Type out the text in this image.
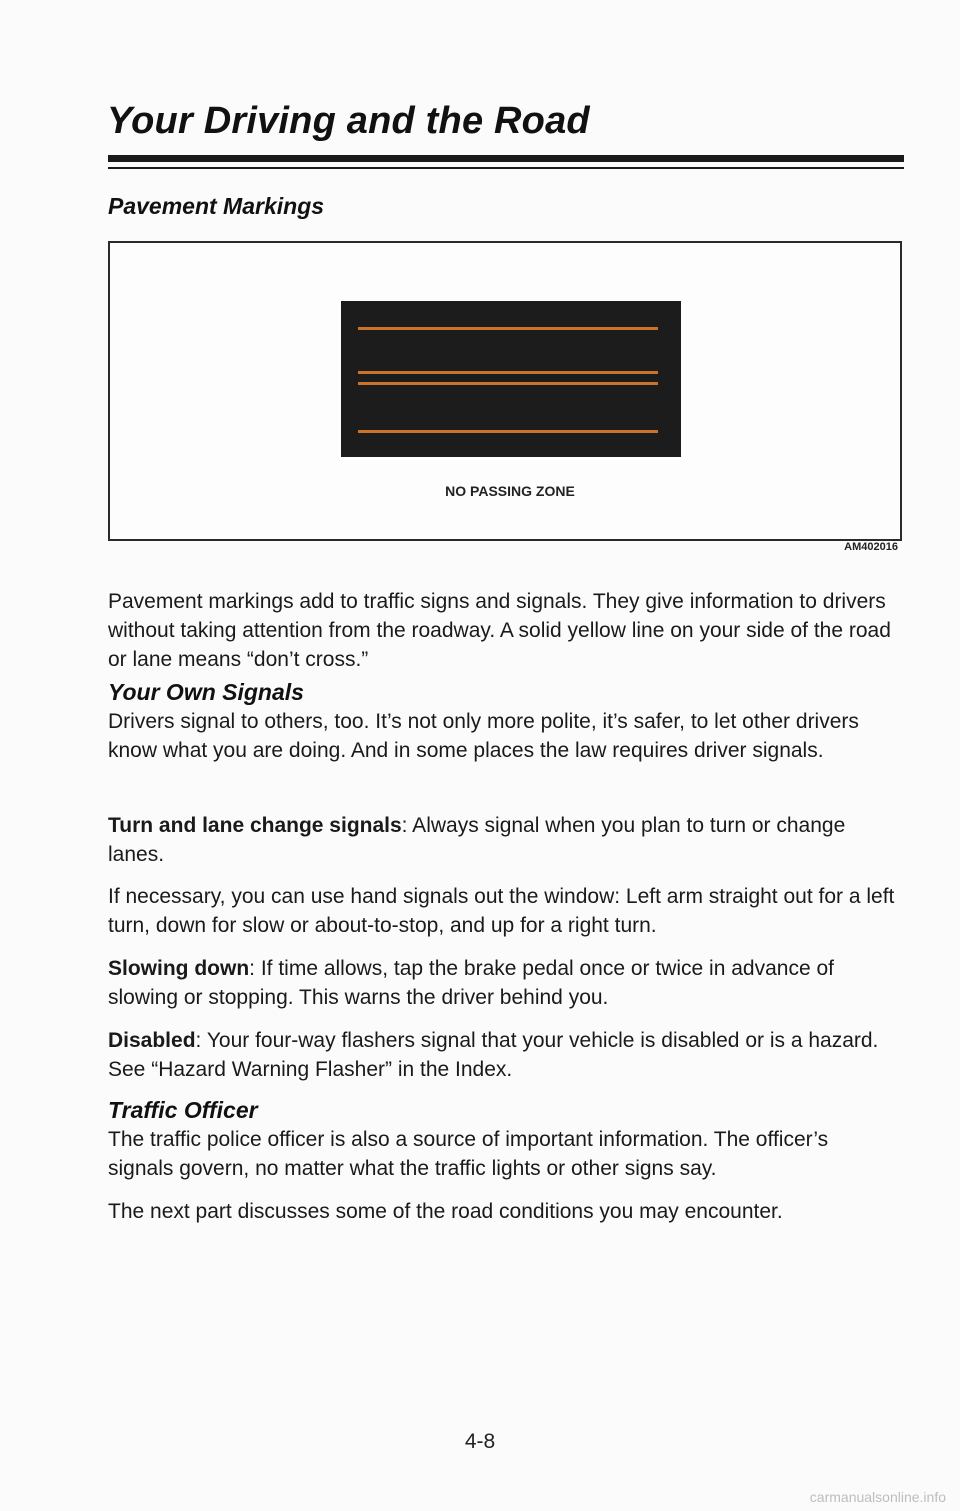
Your Driving and the Road
Pavement Markings
NO PASSING ZONE
AM402016
Pavement markings add to traffic signs and signals. They give information to drivers without taking attention from the roadway. A solid yellow line on your side of the road or lane means “don’t cross.”
Your Own Signals
Drivers signal to others, too. It’s not only more polite, it’s safer, to let other drivers know what you are doing. And in some places the law requires driver signals.
Turn and lane change signals: Always signal when you plan to turn or change lanes.
If necessary, you can use hand signals out the window: Left arm straight out for a left turn, down for slow or about-to-stop, and up for a right turn.
Slowing down: If time allows, tap the brake pedal once or twice in advance of slowing or stopping. This warns the driver behind you.
Disabled: Your four-way flashers signal that your vehicle is disabled or is a hazard. See “Hazard Warning Flasher” in the Index.
Traffic Officer
The traffic police officer is also a source of important information. The officer’s signals govern, no matter what the traffic lights or other signs say.
The next part discusses some of the road conditions you may encounter.
4-8
carmanualsonline.info
